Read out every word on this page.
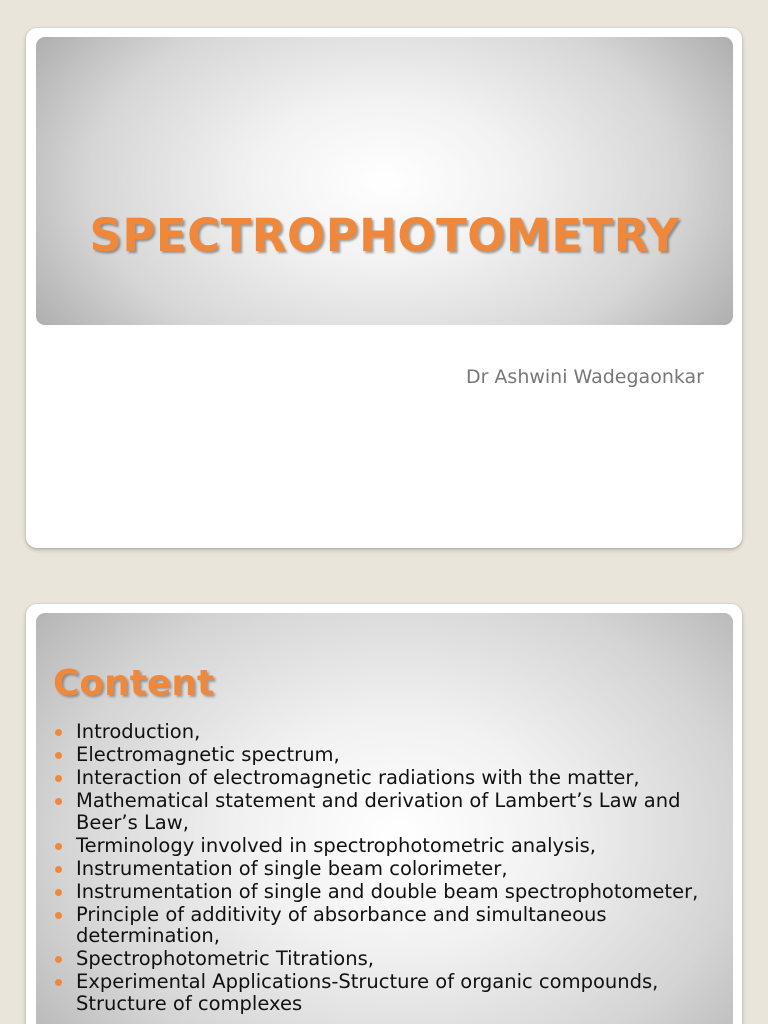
SPECTROPHOTOMETRY
Dr Ashwini Wadegaonkar
Content
Introduction,
Electromagnetic spectrum,
Interaction of electromagnetic radiations with the matter,
Mathematical statement and derivation of Lambert’s Law and Beer’s Law,
Terminology involved in spectrophotometric analysis,
Instrumentation of single beam colorimeter,
Instrumentation of single and double beam spectrophotometer,
Principle of additivity of absorbance and simultaneous determination,
Spectrophotometric Titrations,
Experimental Applications-Structure of organic compounds, Structure of complexes
